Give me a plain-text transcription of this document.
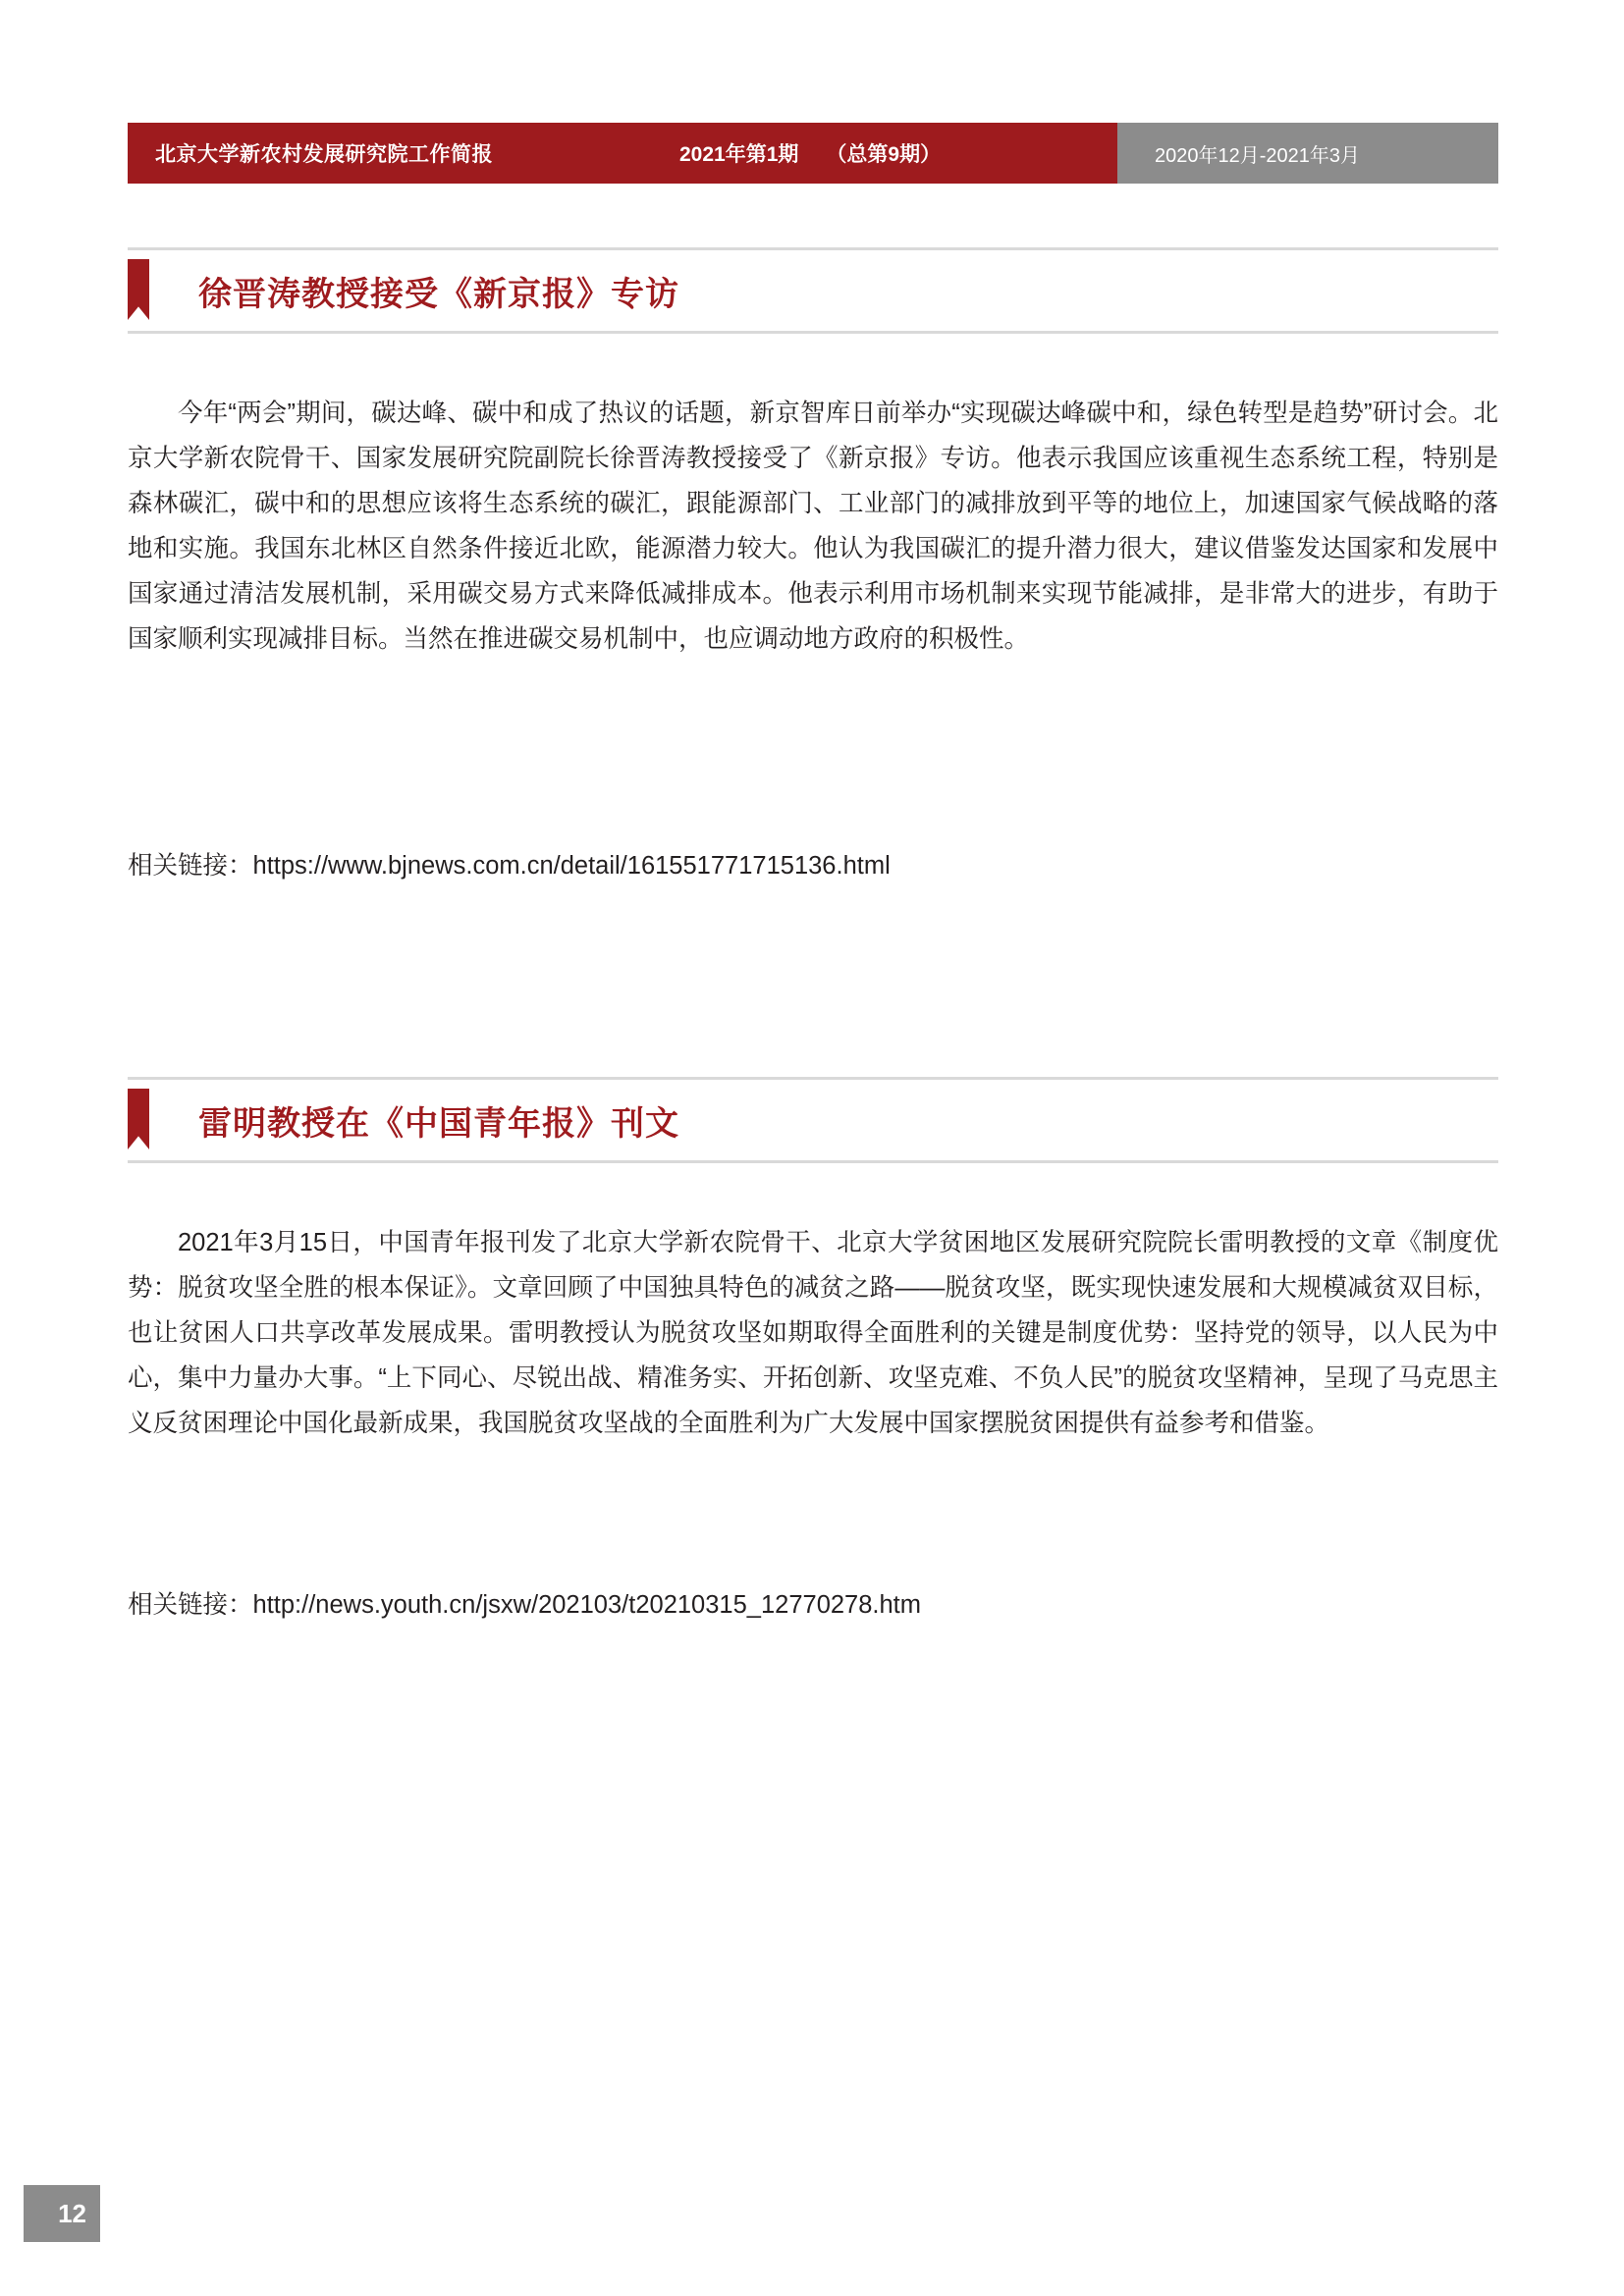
北京大学新农村发展研究院工作简报	2021年第1期 （总第9期）	2020年12月-2021年3月
徐晋涛教授接受《新京报》专访

今年“两会”期间，碳达峰、碳中和成了热议的话题，新京智库日前举办“实现碳达峰碳中和，绿色转型是趋势”研讨会。北京大学新农院骨干、国家发展研究院副院长徐晋涛教授接受了《新京报》专访。他表示我国应该重视生态系统工程，特别是森林碳汇，碳中和的思想应该将生态系统的碳汇，跟能源部门、工业部门的减排放到平等的地位上，加速国家气候战略的落地和实施。我国东北林区自然条件接近北欧，能源潜力较大。他认为我国碳汇的提升潜力很大，建议借鉴发达国家和发展中国家通过清洁发展机制，采用碳交易方式来降低减排成本。他表示利用市场机制来实现节能减排，是非常大的进步，有助于国家顺利实现减排目标。当然在推进碳交易机制中，也应调动地方政府的积极性。

相关链接：https://www.bjnews.com.cn/detail/161551771715136.html
雷明教授在《中国青年报》刊文

2021年3月15日，中国青年报刊发了北京大学新农院骨干、北京大学贫困地区发展研究院院长雷明教授的文章《制度优势：脱贫攻坚全胜的根本保证》。文章回顾了中国独具特色的减贫之路——脱贫攻坚，既实现快速发展和大规模减贫双目标，也让贫困人口共享改革发展成果。雷明教授认为脱贫攻坚如期取得全面胜利的关键是制度优势：坚持党的领导，以人民为中心，集中力量办大事。“上下同心、尽锐出战、精准务实、开拓创新、攻坚克难、不负人民”的脱贫攻坚精神，呈现了马克思主义反贫困理论中国化最新成果，我国脱贫攻坚战的全面胜利为广大发展中国家摆脱贫困提供有益参考和借鉴。

相关链接：http://news.youth.cn/jsxw/202103/t20210315_12770278.htm
12
